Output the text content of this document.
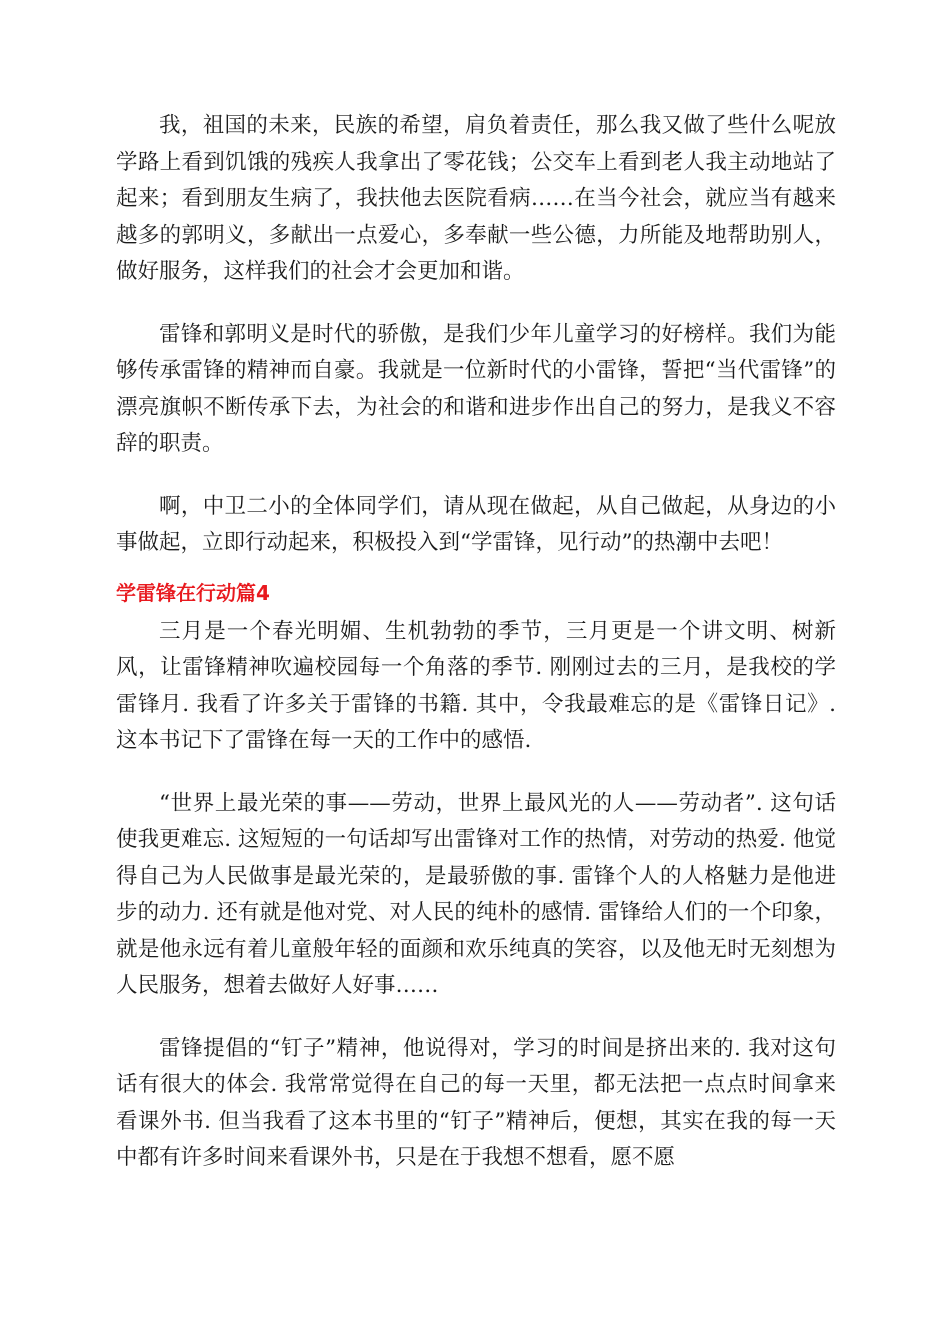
我，祖国的未来，民族的希望，肩负着责任，那么我又做了些什么呢放学路上看到饥饿的残疾人我拿出了零花钱；公交车上看到老人我主动地站了起来；看到朋友生病了，我扶他去医院看病……在当今社会，就应当有越来越多的郭明义，多献出一点爱心，多奉献一些公德，力所能及地帮助别人，做好服务，这样我们的社会才会更加和谐。

雷锋和郭明义是时代的骄傲，是我们少年儿童学习的好榜样。我们为能够传承雷锋的精神而自豪。我就是一位新时代的小雷锋，誓把“当代雷锋”的漂亮旗帜不断传承下去，为社会的和谐和进步作出自己的努力，是我义不容辞的职责。

啊，中卫二小的全体同学们，请从现在做起，从自己做起，从身边的小事做起，立即行动起来，积极投入到“学雷锋，见行动”的热潮中去吧！

学雷锋在行动篇4

三月是一个春光明媚、生机勃勃的季节，三月更是一个讲文明、树新风，让雷锋精神吹遍校园每一个角落的季节. 刚刚过去的三月，是我校的学雷锋月. 我看了许多关于雷锋的书籍. 其中，令我最难忘的是《雷锋日记》. 这本书记下了雷锋在每一天的工作中的感悟.

“世界上最光荣的事——劳动，世界上最风光的人——劳动者”. 这句话使我更难忘. 这短短的一句话却写出雷锋对工作的热情，对劳动的热爱. 他觉得自己为人民做事是最光荣的，是最骄傲的事. 雷锋个人的人格魅力是他进步的动力. 还有就是他对党、对人民的纯朴的感情. 雷锋给人们的一个印象，就是他永远有着儿童般年轻的面颜和欢乐纯真的笑容，以及他无时无刻想为人民服务，想着去做好人好事……

雷锋提倡的“钉子”精神，他说得对，学习的时间是挤出来的. 我对这句话有很大的体会. 我常常觉得在自己的每一天里，都无法把一点点时间拿来看课外书. 但当我看了这本书里的“钉子”精神后，便想，其实在我的每一天中都有许多时间来看课外书，只是在于我想不想看，愿不愿
